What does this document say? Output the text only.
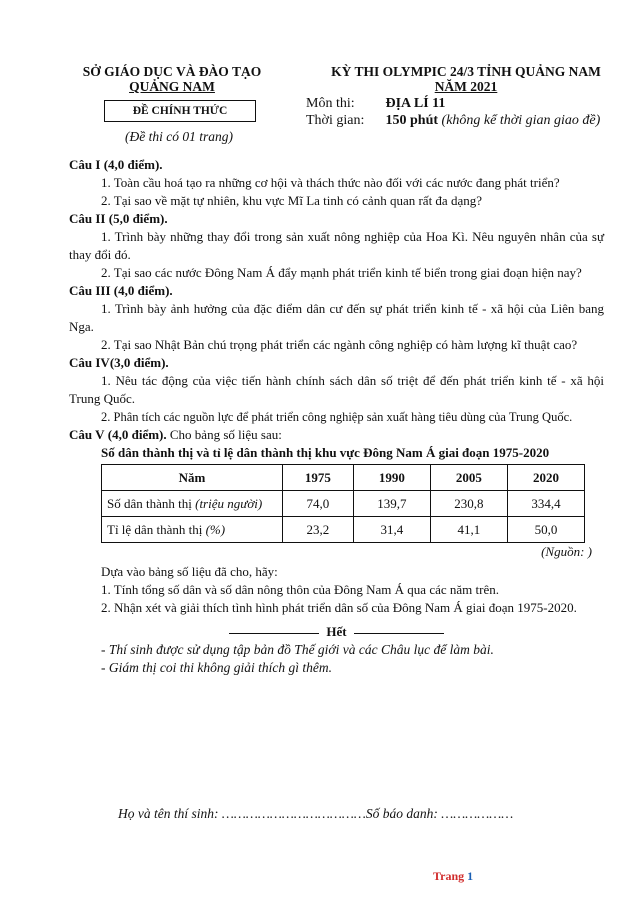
SỞ GIÁO DỤC VÀ ĐÀO TẠO
QUẢNG NAM
ĐỀ CHÍNH THỨC
(Đề thi có 01 trang)
KỲ THI OLYMPIC 24/3 TỈNH QUẢNG NAM
NĂM 2021
Môn thi: ĐỊA LÍ 11
Thời gian: 150 phút (không kể thời gian giao đề)
Câu I (4,0 điểm).
1. Toàn cầu hoá tạo ra những cơ hội và thách thức nào đối với các nước đang phát triển?
2. Tại sao về mặt tự nhiên, khu vực Mĩ La tinh có cảnh quan rất đa dạng?
Câu II (5,0 điểm).
1. Trình bày những thay đổi trong sản xuất nông nghiệp của Hoa Kì. Nêu nguyên nhân của sự thay đổi đó.
2. Tại sao các nước Đông Nam Á đẩy mạnh phát triển kinh tế biển trong giai đoạn hiện nay?
Câu III (4,0 điểm).
1. Trình bày ảnh hưởng của đặc điểm dân cư đến sự phát triển kinh tế - xã hội của Liên bang Nga.
2. Tại sao Nhật Bản chú trọng phát triển các ngành công nghiệp có hàm lượng kĩ thuật cao?
Câu IV(3,0 điểm).
1. Nêu tác động của việc tiến hành chính sách dân số triệt để đến phát triển kinh tế - xã hội Trung Quốc.
2. Phân tích các nguồn lực để phát triển công nghiệp sản xuất hàng tiêu dùng của Trung Quốc.
Câu V (4,0 điểm). Cho bảng số liệu sau:
Số dân thành thị và tỉ lệ dân thành thị khu vực Đông Nam Á giai đoạn 1975-2020
Năm	1975	1990	2005	2020
Số dân thành thị (triệu người)	74,0	139,7	230,8	334,4
Tỉ lệ dân thành thị (%)	23,2	31,4	41,1	50,0
(Nguồn: )
Dựa vào bảng số liệu đã cho, hãy:
1. Tính tổng số dân và số dân nông thôn của Đông Nam Á qua các năm trên.
2. Nhận xét và giải thích tình hình phát triển dân số của Đông Nam Á giai đoạn 1975-2020.
Hết
- Thí sinh được sử dụng tập bản đồ Thế giới và các Châu lục để làm bài.
- Giám thị coi thi không giải thích gì thêm.
Họ và tên thí sinh: ………………………………Số báo danh: ………………
Trang 1
